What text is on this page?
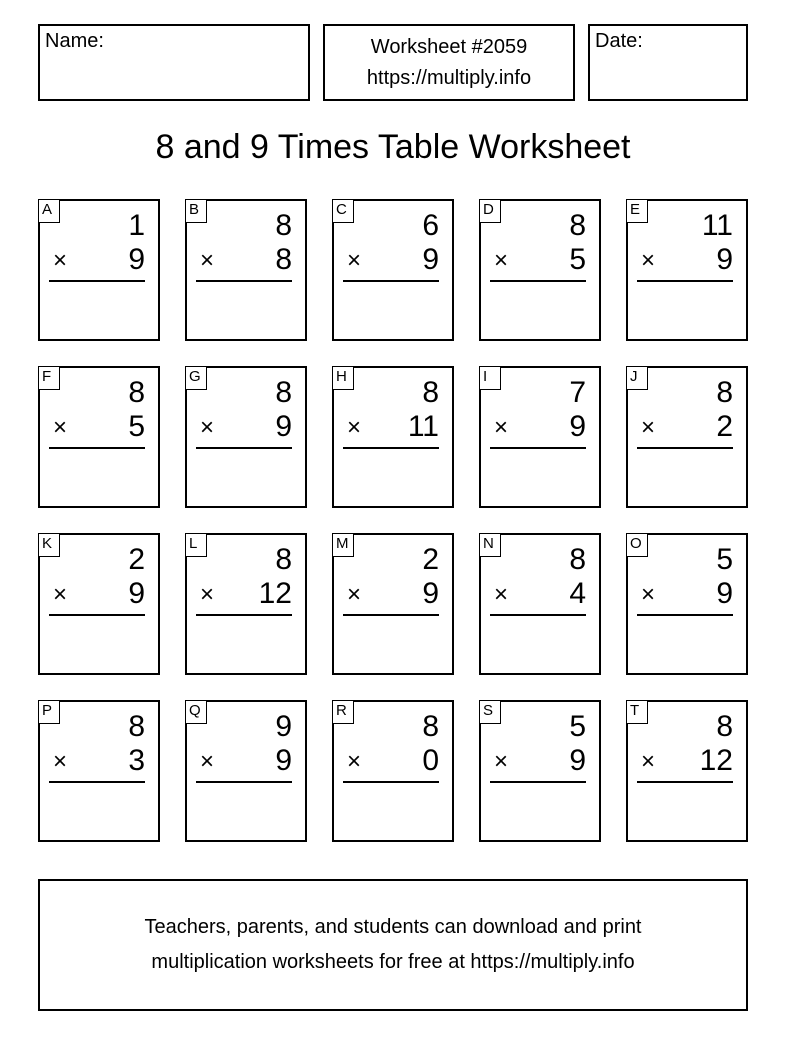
Name:	Worksheet #2059
https://multiply.info
Date:
8 and 9 Times Table Worksheet
A	1
× 9
B	8
× 8
C	6
× 9
D	8
× 5
E 11
× 9
F	8
× 5
G 8
× 9
H	8
× 11
I	7
× 9
J	8
× 2
K	2
× 9
L	8
× 12
M 2
× 9
N	8
× 4
O 5
× 9
P	8
× 3
Q 9
× 9
R	8
× 0
S	5
× 9
T	8
× 12
Teachers, parents, and students can download and print
multiplication worksheets for free at https://multiply.info
